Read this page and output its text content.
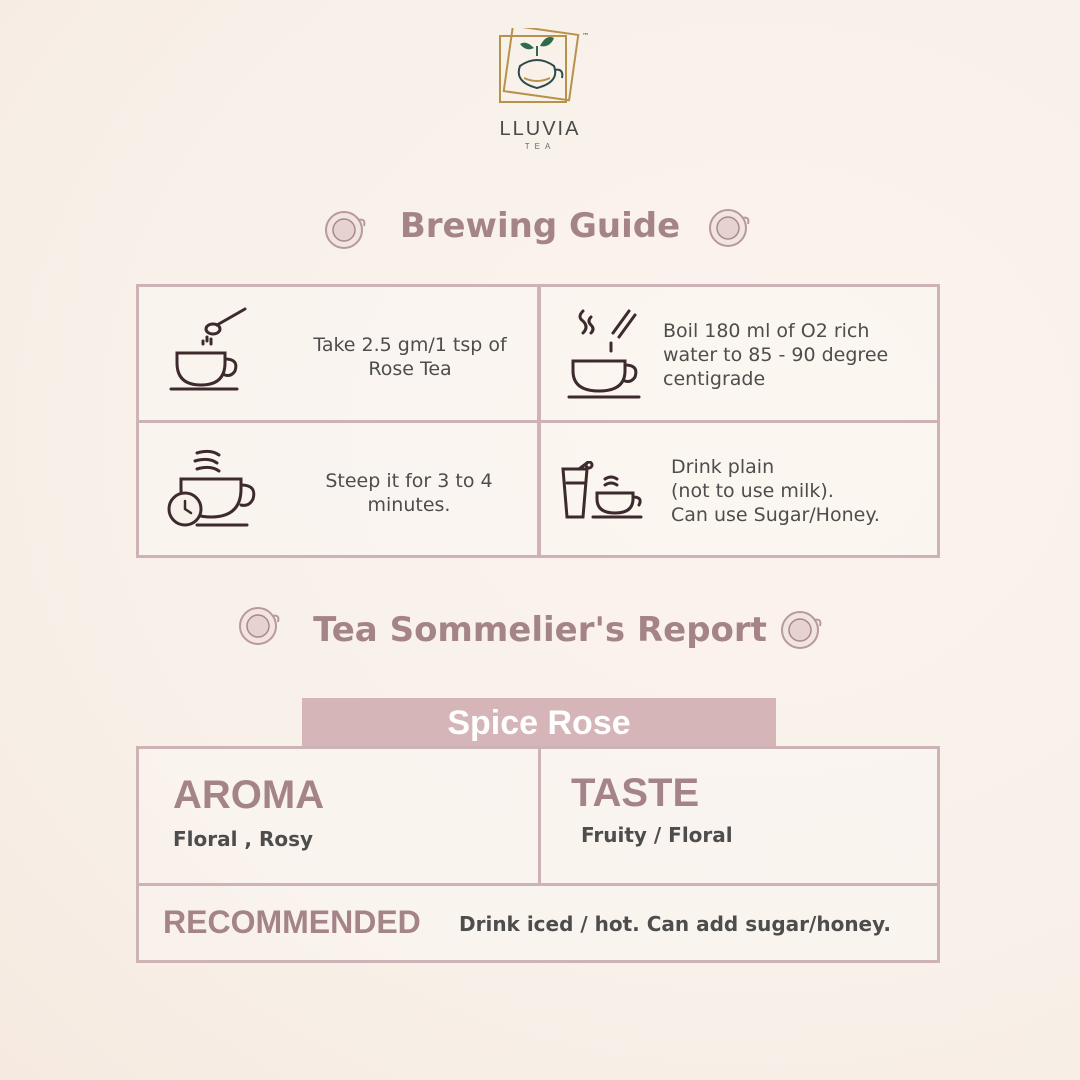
™
LLUVIA
TEA
Brewing Guide
Take 2.5 gm/1 tsp of
Rose Tea
Boil 180 ml of O2 rich
water to 85 - 90 degree
centigrade
Steep it for 3 to 4
minutes.
Drink plain
(not to use milk).
Can use Sugar/Honey.
Tea Sommelier's Report
Spice Rose
AROMA
Floral , Rosy
TASTE
Fruity / Floral
RECOMMENDED Drink iced / hot. Can add sugar/honey.
